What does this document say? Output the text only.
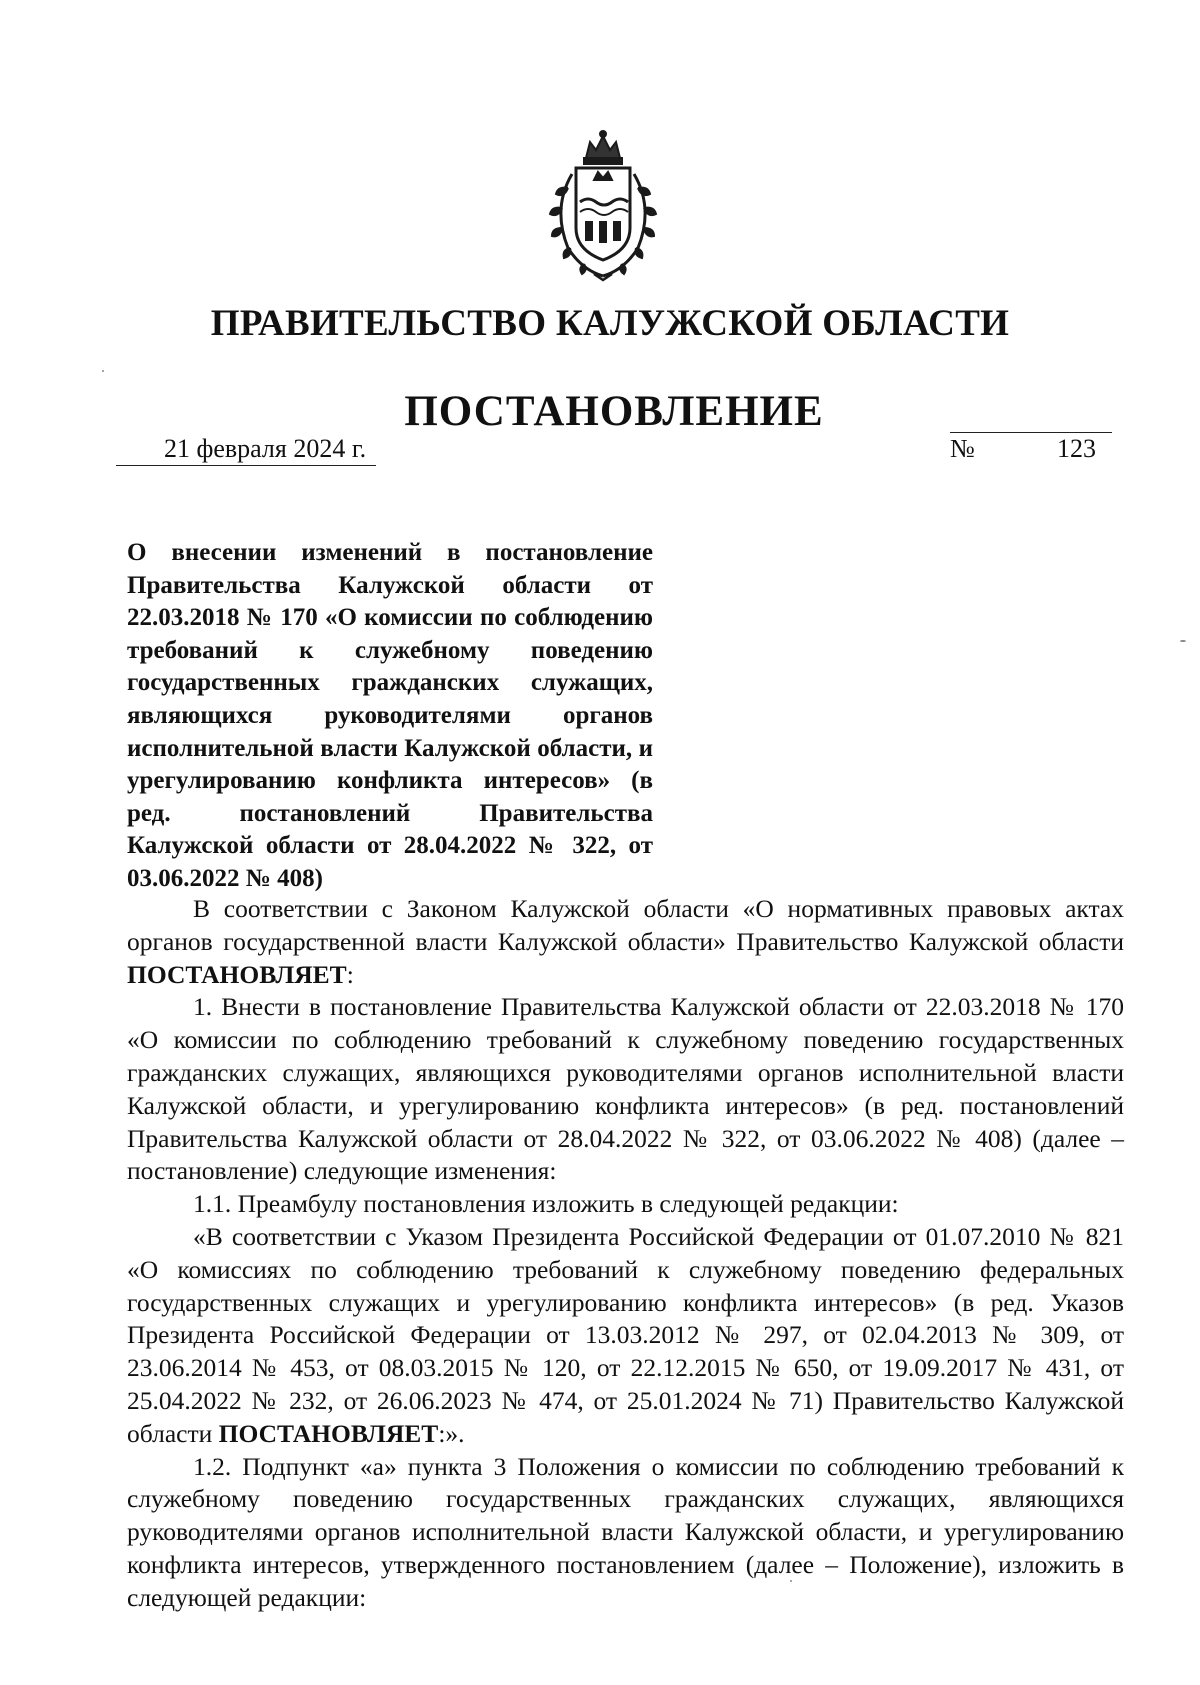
ПРАВИТЕЛЬСТВО КАЛУЖСКОЙ ОБЛАСТИ
ПОСТАНОВЛЕНИЕ
21 февраля 2024 г.	№	123
О внесении изменений в постановление Правительства Калужской области от 22.03.2018 № 170 «О комиссии по соблюдению требований к служебному поведению государственных гражданских служащих, являющихся руководителями органов исполнительной власти Калужской области, и урегулированию конфликта интересов» (в ред. постановлений Правительства Калужской области от 28.04.2022 № 322, от 03.06.2022 № 408)

В соответствии с Законом Калужской области «О нормативных правовых актах органов государственной власти Калужской области» Правительство Калужской области ПОСТАНОВЛЯЕТ:

1. Внести в постановление Правительства Калужской области от 22.03.2018 № 170 «О комиссии по соблюдению требований к служебному поведению государственных гражданских служащих, являющихся руководителями органов исполнительной власти Калужской области, и урегулированию конфликта интересов» (в ред. постановлений Правительства Калужской области от 28.04.2022 № 322, от 03.06.2022 № 408) (далее – постановление) следующие изменения:

1.1. Преамбулу постановления изложить в следующей редакции:

«В соответствии с Указом Президента Российской Федерации от 01.07.2010 № 821 «О комиссиях по соблюдению требований к служебному поведению федеральных государственных служащих и урегулированию конфликта интересов» (в ред. Указов Президента Российской Федерации от 13.03.2012 № 297, от 02.04.2013 № 309, от 23.06.2014 № 453, от 08.03.2015 № 120, от 22.12.2015 № 650, от 19.09.2017 № 431, от 25.04.2022 № 232, от 26.06.2023 № 474, от 25.01.2024 № 71) Правительство Калужской области ПОСТАНОВЛЯЕТ:».

1.2. Подпункт «а» пункта 3 Положения о комиссии по соблюдению требований к служебному поведению государственных гражданских служащих, являющихся руководителями органов исполнительной власти Калужской области, и урегулированию конфликта интересов, утвержденного постановлением (далее – Положение), изложить в следующей редакции:
